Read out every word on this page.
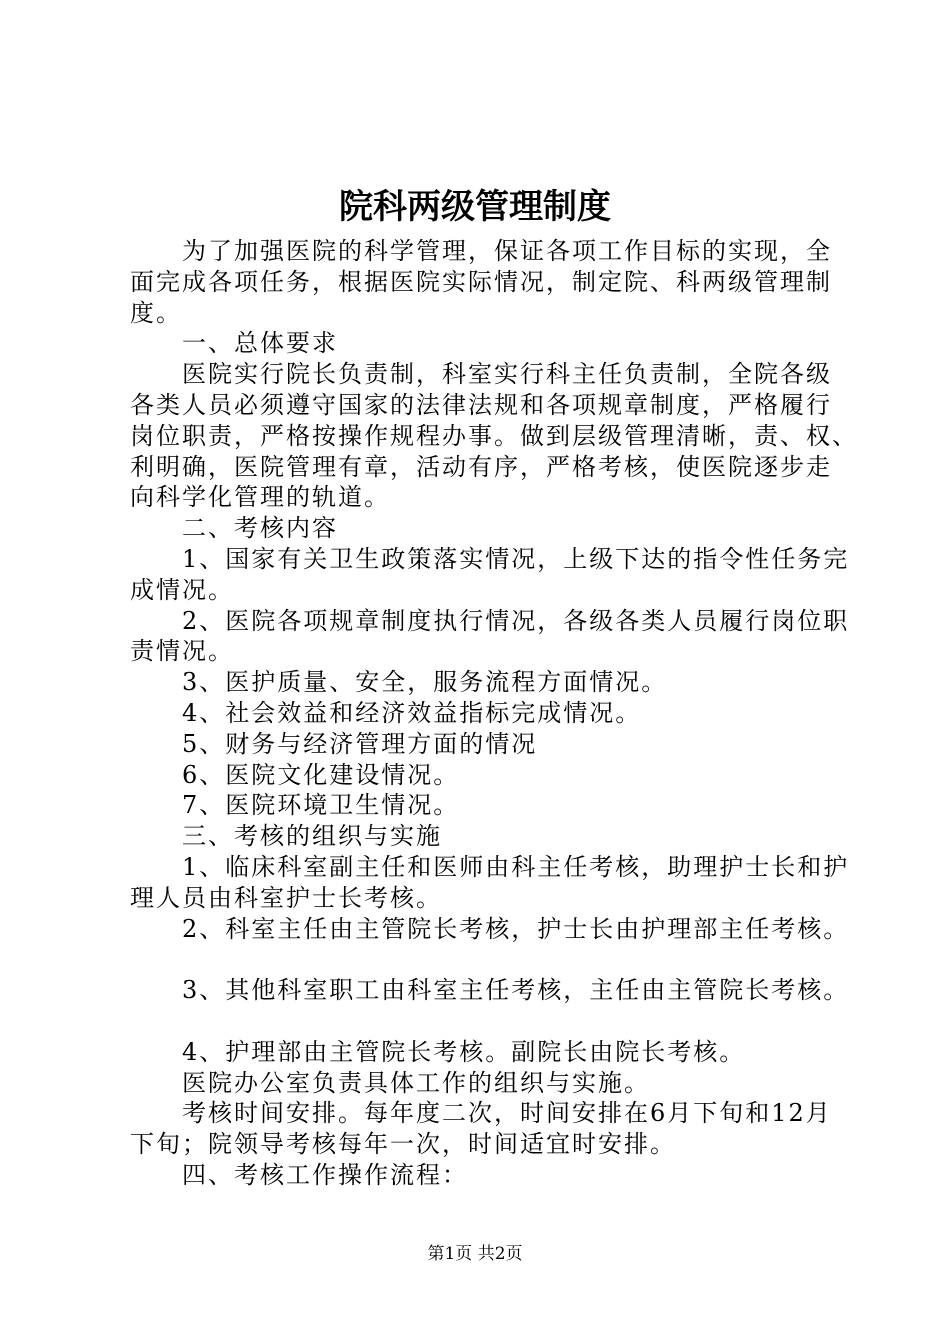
院科两级管理制度
为了加强医院的科学管理，保证各项工作目标的实现，全
面完成各项任务，根据医院实际情况，制定院、科两级管理制
度。
一、总体要求
医院实行院长负责制，科室实行科主任负责制，全院各级
各类人员必须遵守国家的法律法规和各项规章制度，严格履行
岗位职责，严格按操作规程办事。做到层级管理清晰，责、权、
利明确，医院管理有章，活动有序，严格考核，使医院逐步走
向科学化管理的轨道。
二、考核内容
1、国家有关卫生政策落实情况，上级下达的指令性任务完
成情况。
2、医院各项规章制度执行情况，各级各类人员履行岗位职
责情况。
3、医护质量、安全，服务流程方面情况。
4、社会效益和经济效益指标完成情况。
5、财务与经济管理方面的情况
6、医院文化建设情况。
7、医院环境卫生情况。
三、考核的组织与实施
1、临床科室副主任和医师由科主任考核，助理护士长和护
理人员由科室护士长考核。
2、科室主任由主管院长考核，护士长由护理部主任考核。
3、其他科室职工由科室主任考核，主任由主管院长考核。
4、护理部由主管院长考核。副院长由院长考核。
医院办公室负责具体工作的组织与实施。
考核时间安排。每年度二次，时间安排在6月下旬和12月
下旬；院领导考核每年一次，时间适宜时安排。
四、考核工作操作流程：
第1页 共2页
